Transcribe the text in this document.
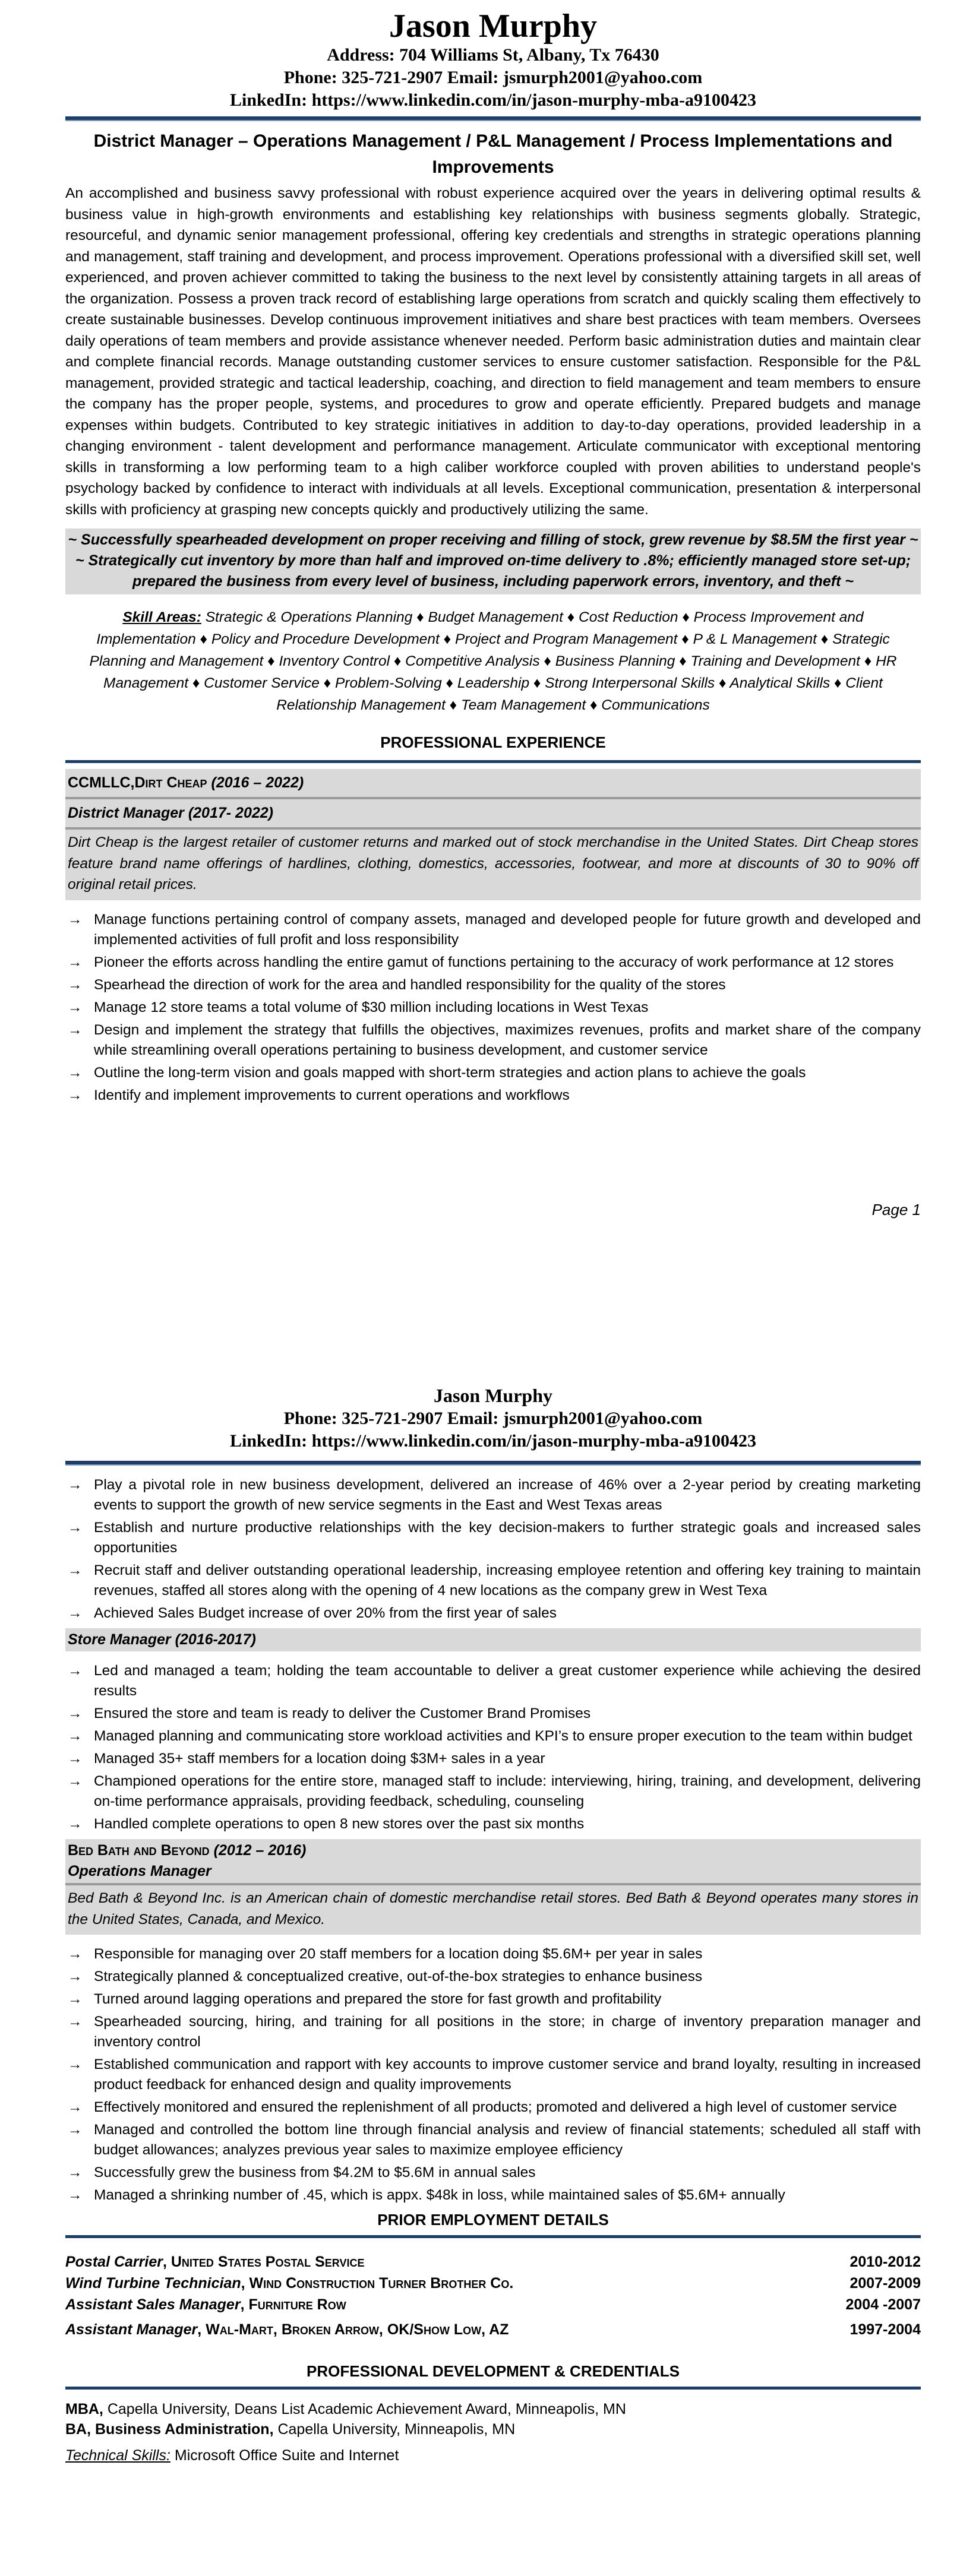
Jason Murphy
Address: 704 Williams St, Albany, Tx 76430
Phone: 325-721-2907 Email: jsmurph2001@yahoo.com
LinkedIn: https://www.linkedin.com/in/jason-murphy-mba-a9100423
District Manager – Operations Management / P&L Management / Process Implementations and Improvements

An accomplished and business savvy professional with robust experience acquired over the years in delivering optimal results & business value in high-growth environments and establishing key relationships with business segments globally. Strategic, resourceful, and dynamic senior management professional, offering key credentials and strengths in strategic operations planning and management, staff training and development, and process improvement. Operations professional with a diversified skill set, well experienced, and proven achiever committed to taking the business to the next level by consistently attaining targets in all areas of the organization. Possess a proven track record of establishing large operations from scratch and quickly scaling them effectively to create sustainable businesses. Develop continuous improvement initiatives and share best practices with team members. Oversees daily operations of team members and provide assistance whenever needed. Perform basic administration duties and maintain clear and complete financial records. Manage outstanding customer services to ensure customer satisfaction. Responsible for the P&L management, provided strategic and tactical leadership, coaching, and direction to field management and team members to ensure the company has the proper people, systems, and procedures to grow and operate efficiently. Prepared budgets and manage expenses within budgets. Contributed to key strategic initiatives in addition to day-to-day operations, provided leadership in a changing environment - talent development and performance management. Articulate communicator with exceptional mentoring skills in transforming a low performing team to a high caliber workforce coupled with proven abilities to understand people's psychology backed by confidence to interact with individuals at all levels. Exceptional communication, presentation & interpersonal skills with proficiency at grasping new concepts quickly and productively utilizing the same.

~ Successfully spearheaded development on proper receiving and filling of stock, grew revenue by $8.5M the first year ~
~ Strategically cut inventory by more than half and improved on-time delivery to .8%; efficiently managed store set-up; prepared the business from every level of business, including paperwork errors, inventory, and theft ~
Skill Areas: Strategic & Operations Planning ♦ Budget Management ♦ Cost Reduction ♦ Process Improvement and Implementation ♦ Policy and Procedure Development ♦ Project and Program Management ♦ P & L Management ♦ Strategic Planning and Management ♦ Inventory Control ♦ Competitive Analysis ♦ Business Planning ♦ Training and Development ♦ HR Management ♦ Customer Service ♦ Problem-Solving ♦ Leadership ♦ Strong Interpersonal Skills ♦ Analytical Skills ♦ Client Relationship Management ♦ Team Management ♦ Communications
PROFESSIONAL EXPERIENCE
CCMLLC,Dirt Cheap (2016 – 2022)
District Manager (2017- 2022)
Dirt Cheap is the largest retailer of customer returns and marked out of stock merchandise in the United States. Dirt Cheap stores feature brand name offerings of hardlines, clothing, domestics, accessories, footwear, and more at discounts of 30 to 90% off original retail prices.
→ Manage functions pertaining control of company assets, managed and developed people for future growth and developed and implemented activities of full profit and loss responsibility
→ Pioneer the efforts across handling the entire gamut of functions pertaining to the accuracy of work performance at 12 stores
→ Spearhead the direction of work for the area and handled responsibility for the quality of the stores
→ Manage 12 store teams a total volume of $30 million including locations in West Texas
→ Design and implement the strategy that fulfills the objectives, maximizes revenues, profits and market share of the company while streamlining overall operations pertaining to business development, and customer service
→ Outline the long-term vision and goals mapped with short-term strategies and action plans to achieve the goals
→ Identify and implement improvements to current operations and workflows
Page 1
Jason Murphy
Phone: 325-721-2907 Email: jsmurph2001@yahoo.com
LinkedIn: https://www.linkedin.com/in/jason-murphy-mba-a9100423
→ Play a pivotal role in new business development, delivered an increase of 46% over a 2-year period by creating marketing events to support the growth of new service segments in the East and West Texas areas
→ Establish and nurture productive relationships with the key decision-makers to further strategic goals and increased sales opportunities
→ Recruit staff and deliver outstanding operational leadership, increasing employee retention and offering key training to maintain revenues, staffed all stores along with the opening of 4 new locations as the company grew in West Texa
→ Achieved Sales Budget increase of over 20% from the first year of sales
Store Manager (2016-2017)
→ Led and managed a team; holding the team accountable to deliver a great customer experience while achieving the desired results
→ Ensured the store and team is ready to deliver the Customer Brand Promises
→ Managed planning and communicating store workload activities and KPI’s to ensure proper execution to the team within budget
→ Managed 35+ staff members for a location doing $3M+ sales in a year
→ Championed operations for the entire store, managed staff to include: interviewing, hiring, training, and development, delivering on-time performance appraisals, providing feedback, scheduling, counseling
→ Handled complete operations to open 8 new stores over the past six months
Bed Bath and Beyond (2012 – 2016)
Operations Manager
Bed Bath & Beyond Inc. is an American chain of domestic merchandise retail stores. Bed Bath & Beyond operates many stores in the United States, Canada, and Mexico.
→ Responsible for managing over 20 staff members for a location doing $5.6M+ per year in sales
→ Strategically planned & conceptualized creative, out-of-the-box strategies to enhance business
→ Turned around lagging operations and prepared the store for fast growth and profitability
→ Spearheaded sourcing, hiring, and training for all positions in the store; in charge of inventory preparation manager and inventory control
→ Established communication and rapport with key accounts to improve customer service and brand loyalty, resulting in increased product feedback for enhanced design and quality improvements
→ Effectively monitored and ensured the replenishment of all products; promoted and delivered a high level of customer service
→ Managed and controlled the bottom line through financial analysis and review of financial statements; scheduled all staff with budget allowances; analyzes previous year sales to maximize employee efficiency
→ Successfully grew the business from $4.2M to $5.6M in annual sales
→ Managed a shrinking number of .45, which is appx. $48k in loss, while maintained sales of $5.6M+ annually
PRIOR EMPLOYMENT DETAILS
Postal Carrier, United States Postal Service	2010-2012
Wind Turbine Technician, Wind Construction Turner Brother Co.	2007-2009
Assistant Sales Manager, Furniture Row	2004 -2007
Assistant Manager, Wal-Mart, Broken Arrow, OK/Show Low, AZ	1997-2004
PROFESSIONAL DEVELOPMENT & CREDENTIALS
MBA, Capella University, Deans List Academic Achievement Award, Minneapolis, MN
BA, Business Administration, Capella University, Minneapolis, MN
Technical Skills: Microsoft Office Suite and Internet
